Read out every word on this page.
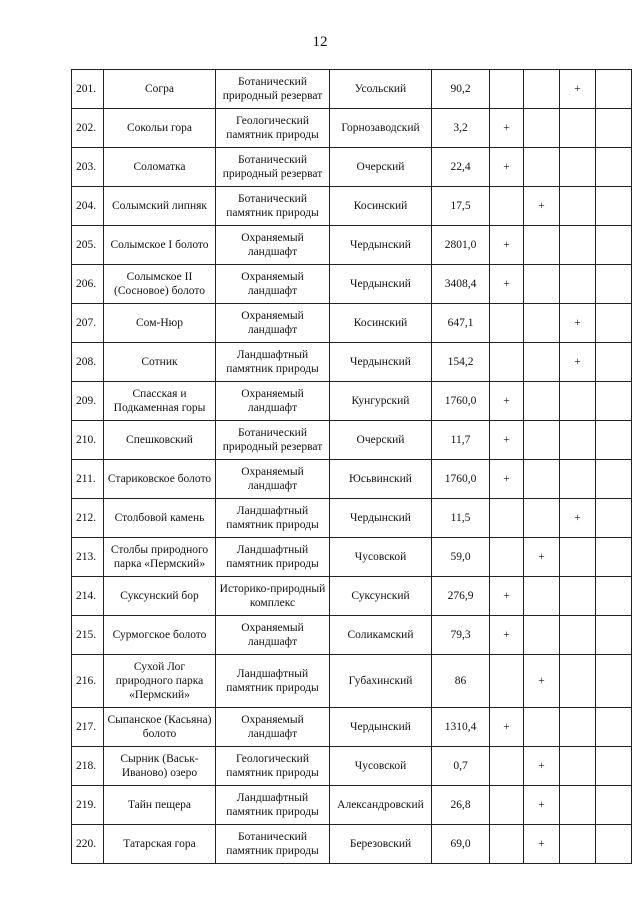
12
201.	Согра	Ботанический природный резерват	Усольский	90,2			+	
202.	Сокольи гора	Геологический памятник природы	Горнозаводский	3,2	+			
203.	Соломатка	Ботанический природный резерват	Очерский	22,4	+			
204.	Солымский липняк	Ботанический памятник природы	Косинский	17,5		+		
205.	Солымское I болото	Охраняемый ландшафт	Чердынский	2801,0	+			
206.	Солымское II (Сосновое) болото	Охраняемый ландшафт	Чердынский	3408,4	+			
207.	Сом-Нюр	Охраняемый ландшафт	Косинский	647,1			+	
208.	Сотник	Ландшафтный памятник природы	Чердынский	154,2			+	
209.	Спасская и Подкаменная горы	Охраняемый ландшафт	Кунгурский	1760,0	+			
210.	Спешковский	Ботанический природный резерват	Очерский	11,7	+			
211.	Стариковское болото	Охраняемый ландшафт	Юсьвинский	1760,0	+			
212.	Столбовой камень	Ландшафтный памятник природы	Чердынский	11,5			+	
213.	Столбы природного парка «Пермский»	Ландшафтный памятник природы	Чусовской	59,0		+		
214.	Суксунский бор	Историко-природный комплекс	Суксунский	276,9	+			
215.	Сурмогское болото	Охраняемый ландшафт	Соликамский	79,3	+			
216.	Сухой Лог природного парка «Пермский»	Ландшафтный памятник природы	Губахинский	86		+		
217.	Сыпанское (Касьяна) болото	Охраняемый ландшафт	Чердынский	1310,4	+			
218.	Сырник (Васьк-Иваново) озеро	Геологический памятник природы	Чусовской	0,7		+		
219.	Тайн пещера	Ландшафтный памятник природы	Александровский	26,8		+		
220.	Татарская гора	Ботанический памятник природы	Березовский	69,0		+		
